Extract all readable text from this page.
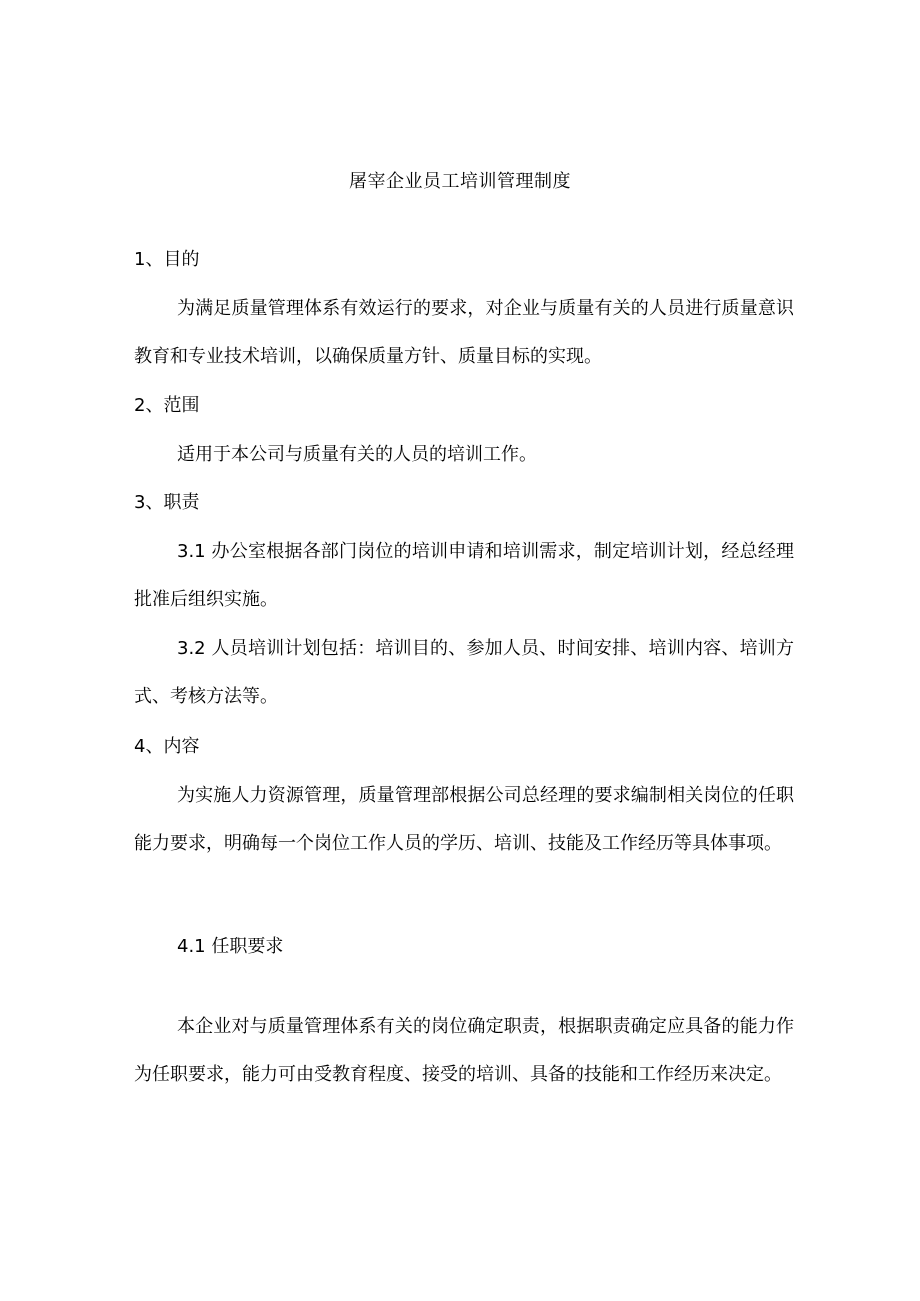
屠宰企业员工培训管理制度
1、目的

为满足质量管理体系有效运行的要求，对企业与质量有关的人员进行质量意识教育和专业技术培训，以确保质量方针、质量目标的实现。

2、范围

适用于本公司与质量有关的人员的培训工作。

3、职责

3.1 办公室根据各部门岗位的培训申请和培训需求，制定培训计划，经总经理批准后组织实施。

3.2 人员培训计划包括：培训目的、参加人员、时间安排、培训内容、培训方式、考核方法等。

4、内容

为实施人力资源管理，质量管理部根据公司总经理的要求编制相关岗位的任职能力要求，明确每一个岗位工作人员的学历、培训、技能及工作经历等具体事项。

4.1 任职要求

本企业对与质量管理体系有关的岗位确定职责，根据职责确定应具备的能力作为任职要求，能力可由受教育程度、接受的培训、具备的技能和工作经历来决定。
